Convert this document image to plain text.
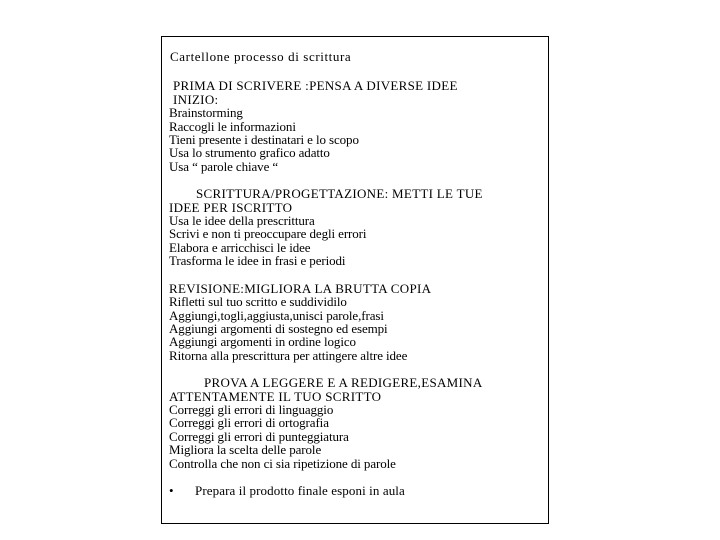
Cartellone processo di scrittura
PRIMA DI SCRIVERE :PENSA A DIVERSE IDEE
INIZIO:
Brainstorming
Raccogli le informazioni
Tieni presente i destinatari e lo scopo
Usa lo strumento grafico adatto
Usa “ parole chiave “
SCRITTURA/PROGETTAZIONE: METTI LE TUE
IDEE PER ISCRITTO
Usa le idee della prescrittura
Scrivi e non ti preoccupare degli errori
Elabora e arricchisci le idee
Trasforma le idee in frasi e periodi
REVISIONE:MIGLIORA LA BRUTTA COPIA
Rifletti sul tuo scritto e suddividilo
Aggiungi,togli,aggiusta,unisci parole,frasi
Aggiungi argomenti di sostegno ed esempi
Aggiungi argomenti in ordine logico
Ritorna alla prescrittura per attingere altre idee
PROVA A LEGGERE E A REDIGERE,ESAMINA
ATTENTAMENTE IL TUO SCRITTO
Correggi gli errori di linguaggio
Correggi gli errori di ortografia
Correggi gli errori di punteggiatura
Migliora la scelta delle parole
Controlla che non ci sia ripetizione di parole
•	Prepara il prodotto finale esponi in aula
